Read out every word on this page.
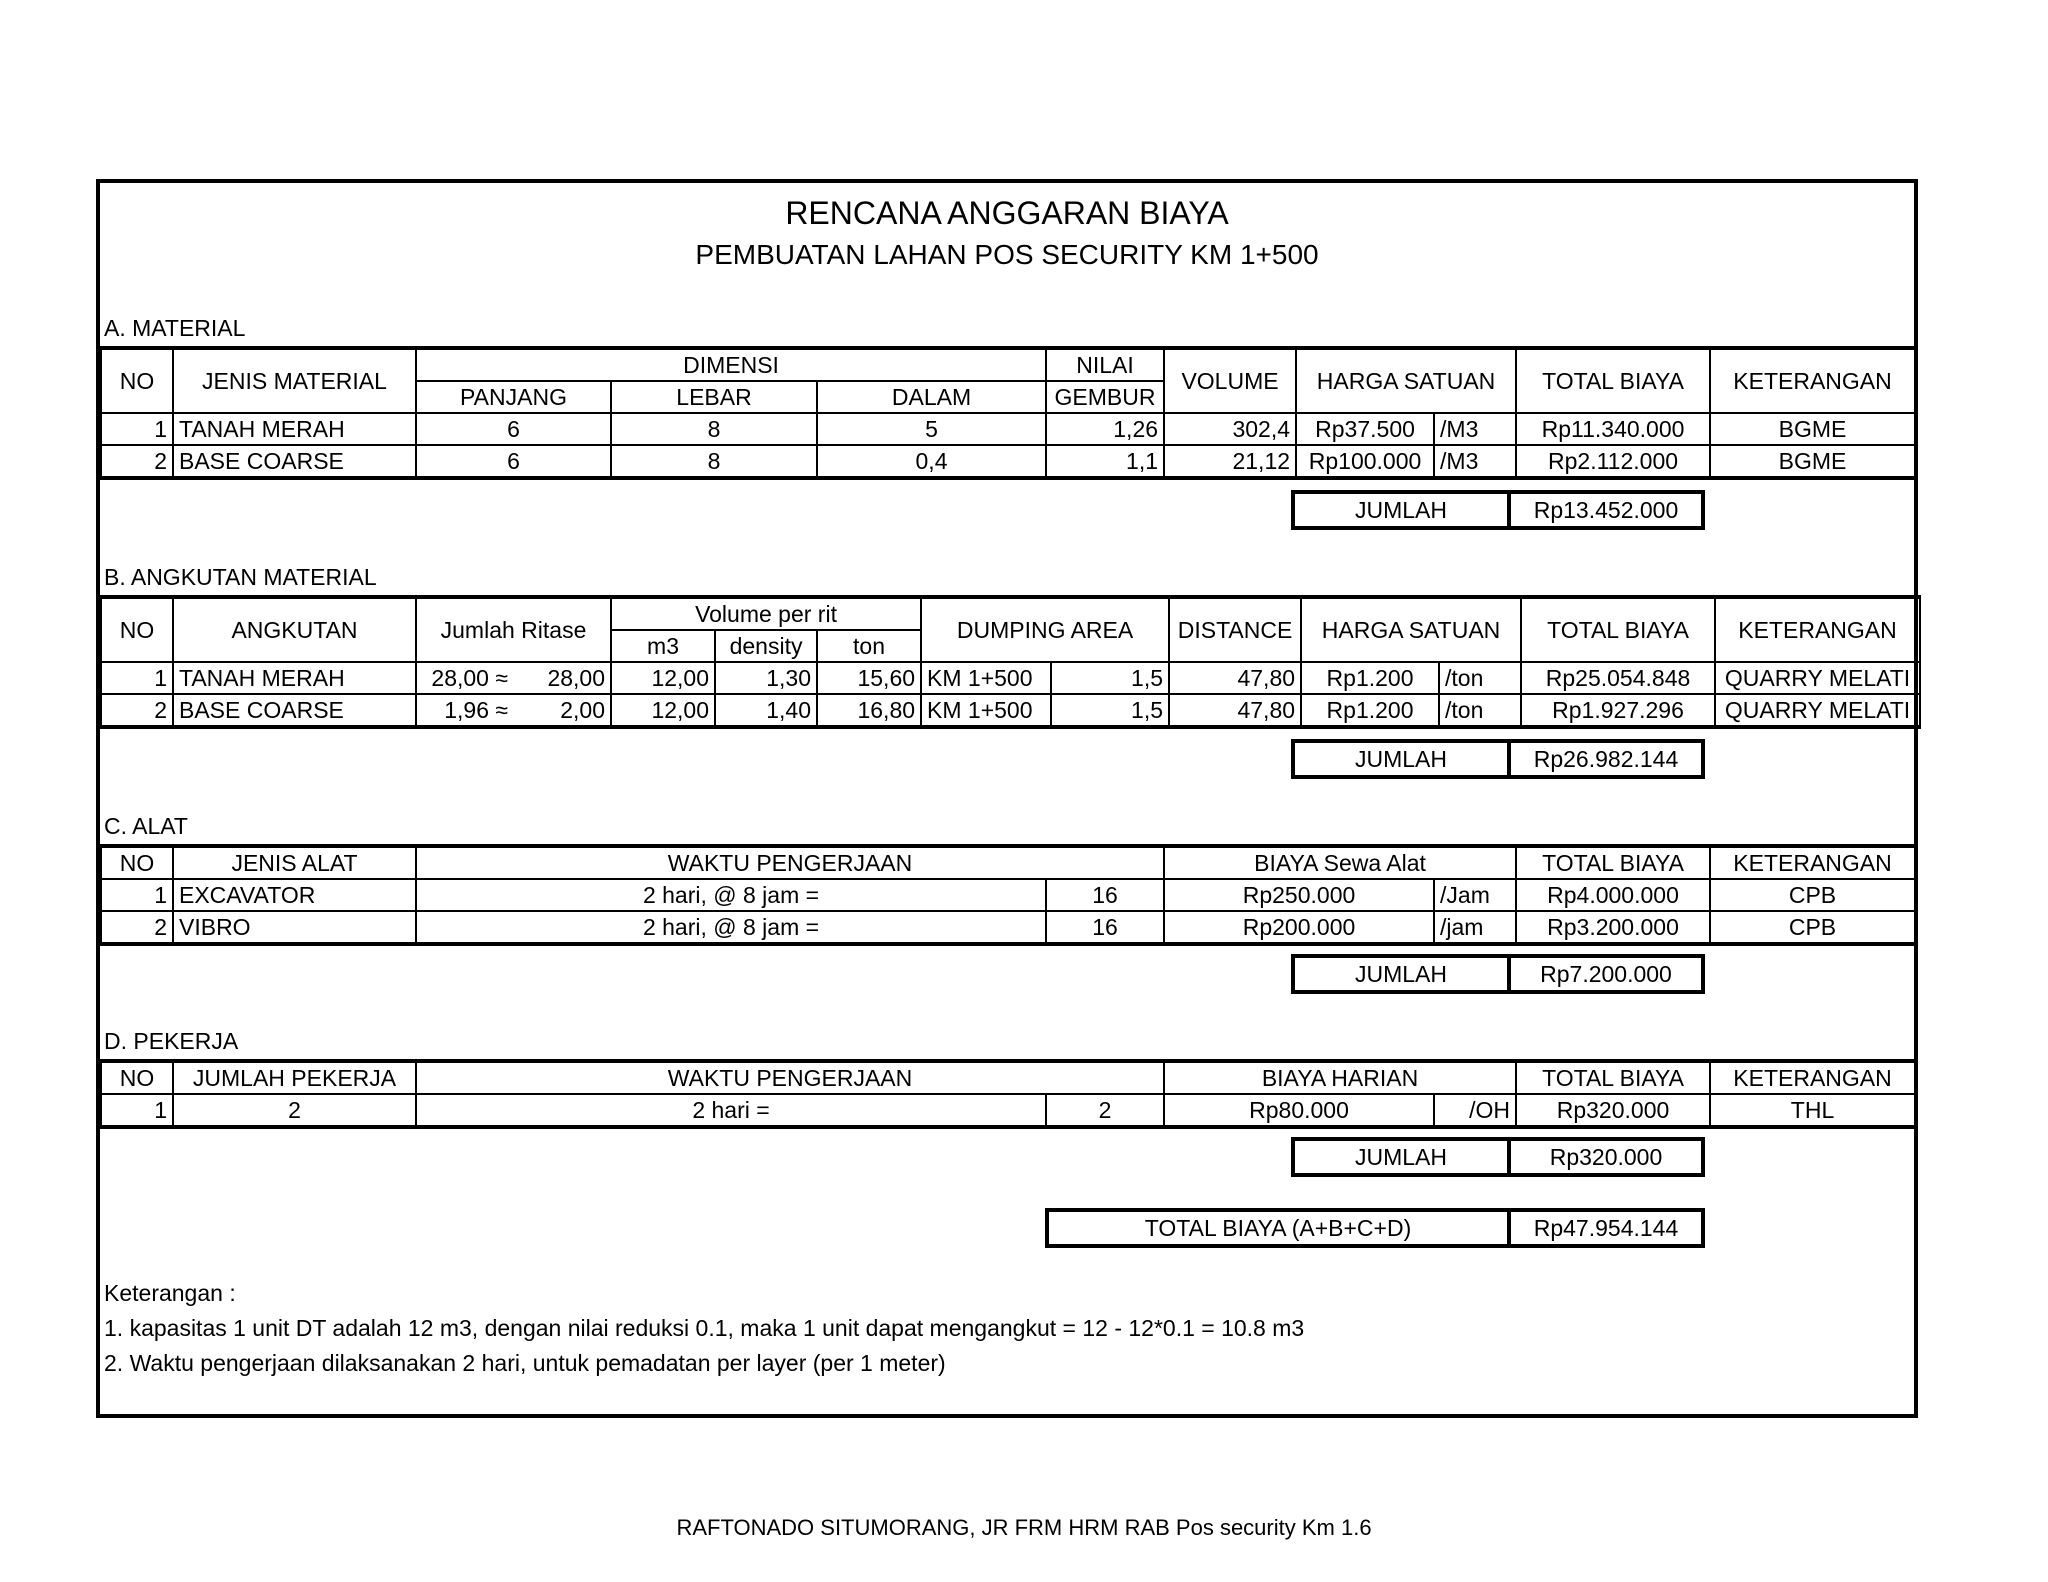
RENCANA ANGGARAN BIAYA
PEMBUATAN LAHAN POS SECURITY KM 1+500
A. MATERIAL
NO	JENIS MATERIAL	DIMENSI			NILAI	VOLUME	HARGA SATUAN		TOTAL BIAYA	KETERANGAN
		PANJANG	LEBAR	DALAM	GEMBUR					
1	TANAH MERAH	6	8	5	1,26	302,4	Rp37.500	/M3	Rp11.340.000	BGME
2	BASE COARSE	6	8	0,4	1,1	21,12	Rp100.000	/M3	Rp2.112.000	BGME
JUMLAH	Rp13.452.000
B. ANGKUTAN MATERIAL
NO	ANGKUTAN	Jumlah Ritase		Volume per rit			DUMPING AREA		DISTANCE	HARGA SATUAN		TOTAL BIAYA	KETERANGAN
				m3	density	ton							
1	TANAH MERAH	28,00 ≈	28,00	12,00	1,30	15,60	KM 1+500	1,5	47,80	Rp1.200	/ton	Rp25.054.848	QUARRY MELATI
2	BASE COARSE	1,96 ≈	2,00	12,00	1,40	16,80	KM 1+500	1,5	47,80	Rp1.200	/ton	Rp1.927.296	QUARRY MELATI
JUMLAH	Rp26.982.144
C. ALAT
NO	JENIS ALAT	WAKTU PENGERJAAN		BIAYA Sewa Alat		TOTAL BIAYA	KETERANGAN
1	EXCAVATOR	2 hari, @ 8 jam =	16	Rp250.000	/Jam	Rp4.000.000	CPB
2	VIBRO	2 hari, @ 8 jam =	16	Rp200.000	/jam	Rp3.200.000	CPB
JUMLAH	Rp7.200.000
D. PEKERJA
NO	JUMLAH PEKERJA	WAKTU PENGERJAAN		BIAYA HARIAN		TOTAL BIAYA	KETERANGAN
1	2	2 hari =	2	Rp80.000	/OH	Rp320.000	THL
JUMLAH	Rp320.000
TOTAL BIAYA (A+B+C+D)	Rp47.954.144
Keterangan :
1. kapasitas 1 unit DT adalah 12 m3, dengan nilai reduksi 0.1, maka 1 unit dapat mengangkut = 12 - 12*0.1 = 10.8 m3
2. Waktu pengerjaan dilaksanakan 2 hari, untuk pemadatan per layer (per 1 meter)
RAFTONADO SITUMORANG, JR FRM HRM RAB Pos security Km 1.6
